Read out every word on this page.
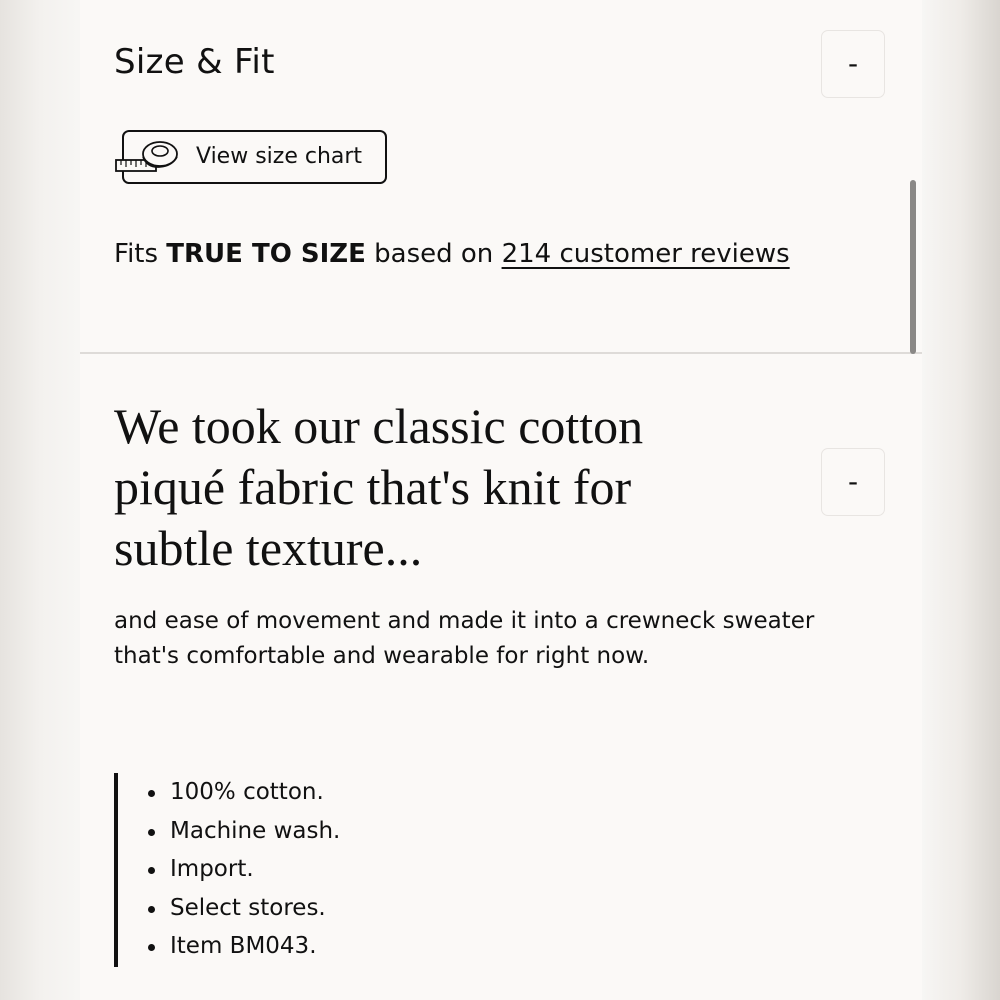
Size & Fit	-
View size chart
Fits TRUE TO SIZE based on 214 customer reviews
We took our classic cotton piqué fabric that's knit for subtle texture...
-

and ease of movement and made it into a crewneck sweater that's comfortable and wearable for right now.

100% cotton.
Machine wash.
Import.
Select stores.
Item BM043.
